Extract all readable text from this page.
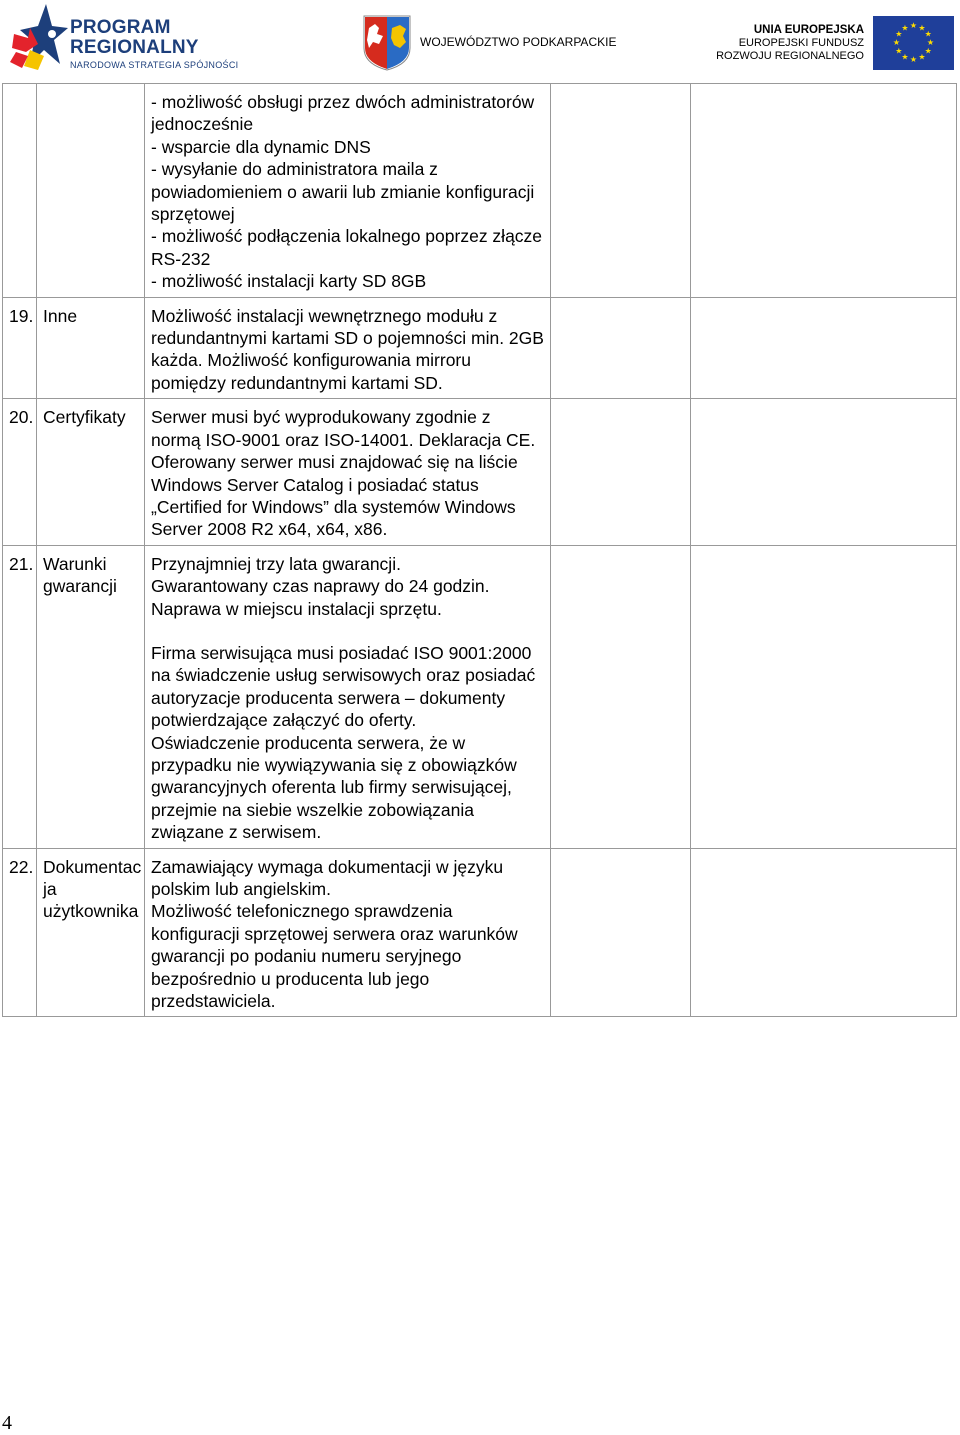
PROGRAM
REGIONALNY
NARODOWA STRATEGIA SPÓJNOŚCI
WOJEWÓDZTWO PODKARPACKIE
UNIA EUROPEJSKA
EUROPEJSKI FUNDUSZ
ROZWOJU REGIONALNEGO
★ ★
★
★
★
★
★
★
★
★
★
★

		- możliwość obsługi przez dwóch administratorów jednocześnie
- wsparcie dla dynamic DNS
- wysyłanie do administratora maila z powiadomieniem o awarii lub zmianie konfiguracji sprzętowej
- możliwość podłączenia lokalnego poprzez złącze RS-232
- możliwość instalacji karty SD 8GB		

19.	Inne	Możliwość instalacji wewnętrznego modułu z redundantnymi kartami SD o pojemności min. 2GB każda. Możliwość konfigurowania mirroru pomiędzy redundantnymi kartami SD.		

20.	Certyfikaty	Serwer musi być wyprodukowany zgodnie z normą ISO-9001 oraz ISO-14001. Deklaracja CE.
Oferowany serwer musi znajdować się na liście Windows Server Catalog i posiadać status „Certified for Windows” dla systemów Windows Server 2008 R2 x64, x64, x86.		

21.	Warunki gwarancji	Przynajmniej trzy lata gwarancji.
Gwarantowany czas naprawy do 24 godzin.
Naprawa w miejscu instalacji sprzętu.
Firma serwisująca musi posiadać ISO 9001:2000 na świadczenie usług serwisowych oraz posiadać autoryzacje producenta serwera – dokumenty potwierdzające załączyć do oferty.
Oświadczenie producenta serwera, że w przypadku nie wywiązywania się z obowiązków gwarancyjnych oferenta lub firmy serwisującej, przejmie na siebie wszelkie zobowiązania związane z serwisem.		

22.	Dokumentac ja użytkownika	Zamawiający wymaga dokumentacji w języku polskim lub angielskim.
Możliwość telefonicznego sprawdzenia konfiguracji sprzętowej serwera oraz warunków gwarancji po podaniu numeru seryjnego bezpośrednio u producenta lub jego przedstawiciela.		

4
